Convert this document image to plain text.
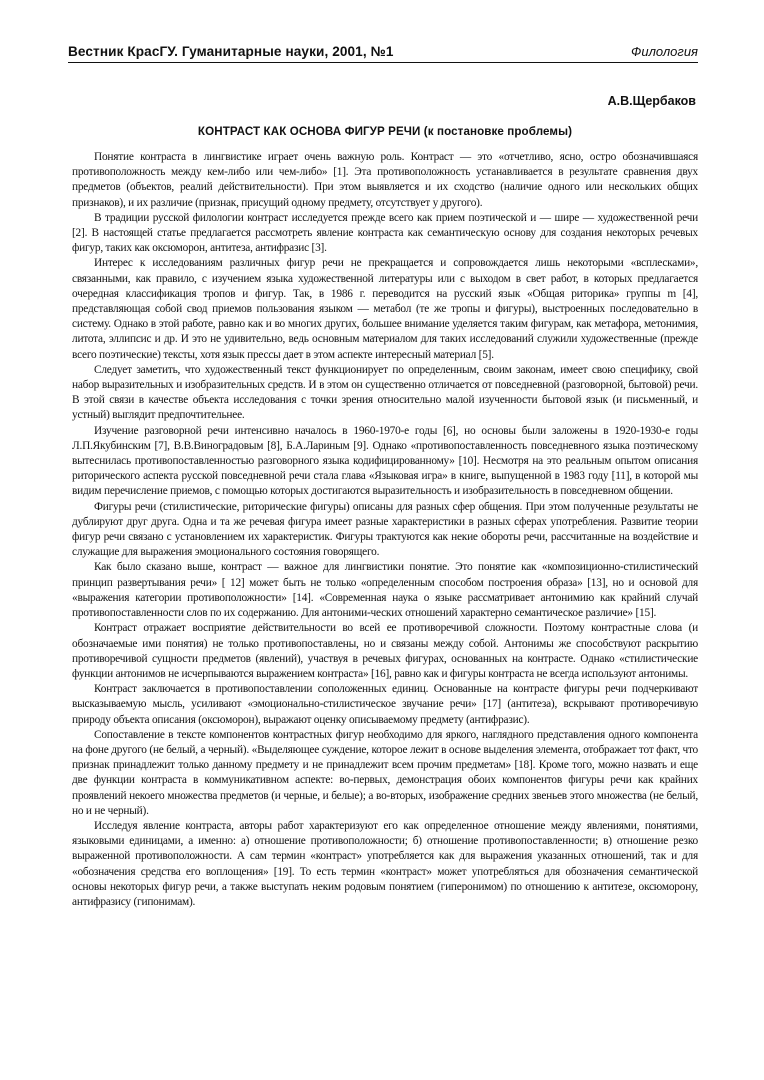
Вестник КрасГУ. Гуманитарные науки, 2001, №1	Филология
А.В.Щербаков
КОНТРАСТ КАК ОСНОВА ФИГУР РЕЧИ (к постановке проблемы)

Понятие контраста в лингвистике играет очень важную роль. Контраст — это «отчетливо, ясно, остро обозначившаяся противоположность между кем-либо или чем-либо» [1]. Эта противоположность устанавливается в результате сравнения двух предметов (объектов, реалий действительности). При этом выявляется и их сходство (наличие одного или нескольких общих признаков), и их различие (признак, присущий одному предмету, отсутствует у другого).

В традиции русской филологии контраст исследуется прежде всего как прием поэтической и — шире — художественной речи [2]. В настоящей статье предлагается рассмотреть явление контраста как семантическую основу для создания некоторых речевых фигур, таких как оксюморон, антитеза, антифразис [3].

Интерес к исследованиям различных фигур речи не прекращается и сопровождается лишь некоторыми «всплесками», связанными, как правило, с изучением языка художественной литературы или с выходом в свет работ, в которых предлагается очередная классификация тропов и фигур. Так, в 1986 г. переводится на русский язык «Общая риторика» группы m [4], представляющая собой свод приемов пользования языком — метабол (те же тропы и фигуры), выстроенных последовательно в систему. Однако в этой работе, равно как и во многих других, большее внимание уделяется таким фигурам, как метафора, метонимия, литота, эллипсис и др. И это не удивительно, ведь основным материалом для таких исследований служили художественные (прежде всего поэтические) тексты, хотя язык прессы дает в этом аспекте интересный материал [5].

Следует заметить, что художественный текст функционирует по определенным, своим законам, имеет свою специфику, свой набор выразительных и изобразительных средств. И в этом он существенно отличается от повседневной (разговорной, бытовой) речи. В этой связи в качестве объекта исследования с точки зрения относительно малой изученности бытовой язык (и письменный, и устный) выглядит предпочтительнее.

Изучение разговорной речи интенсивно началось в 1960-1970-е годы [6], но основы были заложены в 1920-1930-е годы Л.П.Якубинским [7], В.В.Виноградовым [8], Б.А.Лариным [9]. Однако «противопоставленность повседневного языка поэтическому вытеснилась противопоставленностью разговорного языка кодифицированному» [10]. Несмотря на это реальным опытом описания риторического аспекта русской повседневной речи стала глава «Языковая игра» в книге, выпущенной в 1983 году [11], в которой мы видим перечисление приемов, с помощью которых достигаются выразительность и изобразительность в повседневном общении.

Фигуры речи (стилистические, риторические фигуры) описаны для разных сфер общения. При этом полученные результаты не дублируют друг друга. Одна и та же речевая фигура имеет разные характеристики в разных сферах употребления. Развитие теории фигур речи связано с установлением их характеристик. Фигуры трактуются как некие обороты речи, рассчитанные на воздействие и служащие для выражения эмоционального состояния говорящего.

Как было сказано выше, контраст — важное для лингвистики понятие. Это понятие как «композиционно-стилистический принцип развертывания речи» [ 12] может быть не только «определенным способом построения образа» [13], но и основой для «выражения категории противоположности» [14]. «Современная наука о языке рассматривает антонимию как крайний случай противопоставленности слов по их содержанию. Для антоними-ческих отношений характерно семантическое различие» [15].

Контраст отражает восприятие действительности во всей ее противоречивой сложности. Поэтому контрастные слова (и обозначаемые ими понятия) не только противопоставлены, но и связаны между собой. Антонимы же способствуют раскрытию противоречивой сущности предметов (явлений), участвуя в речевых фигурах, основанных на контрасте. Однако «стилистические функции антонимов не исчерпываются выражением контраста» [16], равно как и фигуры контраста не всегда используют антонимы.

Контраст заключается в противопоставлении соположенных единиц. Основанные на контрасте фигуры речи подчеркивают высказываемую мысль, усиливают «эмоционально-стилистическое звучание речи» [17] (антитеза), вскрывают противоречивую природу объекта описания (оксюморон), выражают оценку описываемому предмету (антифразис).

Сопоставление в тексте компонентов контрастных фигур необходимо для яркого, наглядного представления одного компонента на фоне другого (не белый, а черный). «Выделяющее суждение, которое лежит в основе выделения элемента, отображает тот факт, что признак принадлежит только данному предмету и не принадлежит всем прочим предметам» [18]. Кроме того, можно назвать и еще две функции контраста в коммуникативном аспекте: во-первых, демонстрация обоих компонентов фигуры речи как крайних проявлений некоего множества предметов (и черные, и белые); а во-вторых, изображение средних звеньев этого множества (не белый, но и не черный).

Исследуя явление контраста, авторы работ характеризуют его как определенное отношение между явлениями, понятиями, языковыми единицами, а именно: а) отношение противоположности; б) отношение противопоставленности; в) отношение резко выраженной противоположности. А сам термин «контраст» употребляется как для выражения указанных отношений, так и для «обозначения средства его воплощения» [19]. То есть термин «контраст» может употребляться для обозначения семантической основы некоторых фигур речи, а также выступать неким родовым понятием (гиперонимом) по отношению к антитезе, оксюморону, антифразису (гипонимам).
